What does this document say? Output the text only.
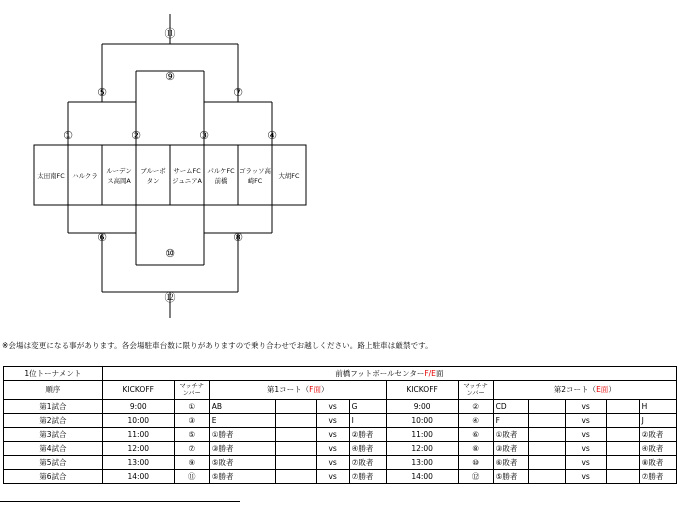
⑪
⑤
⑨
⑦
①	②	③	④
⑥
⑩
⑧
⑫
太田南FC ハルクラ
ルーデン
ス高岡A
ブルーボ
タン
サームFC
ジュニアA
パルケFC
前橋
ゴラッソ高
崎FC
大胡FC
※会場は変更になる事があります。各会場駐車台数に限りがありますので乗り合わせでお越しください。路上駐車は厳禁です。
1位トーナメント	前橋フットボールセンターF/E面												
順序	KICKOFF	マッチナンバー	第1コート（F面）				KICKOFF	マッチナンバー	第2コート（E面）				
第1試合	9:00	①	AB		vs	G	9:00	②	CD		vs		H
第2試合	10:00	③	E		vs	I	10:00	④	F		vs		J
第3試合	11:00	⑤	①勝者		vs	②勝者	11:00	⑥	①敗者		vs		②敗者
第4試合	12:00	⑦	③勝者		vs	④勝者	12:00	⑧	③敗者		vs		④敗者
第5試合	13:00	⑨	⑤敗者		vs	⑦敗者	13:00	⑩	⑥敗者		vs		⑧敗者
第6試合	14:00	⑪	⑤勝者		vs	⑦勝者	14:00	⑫	⑤勝者		vs		⑦勝者
